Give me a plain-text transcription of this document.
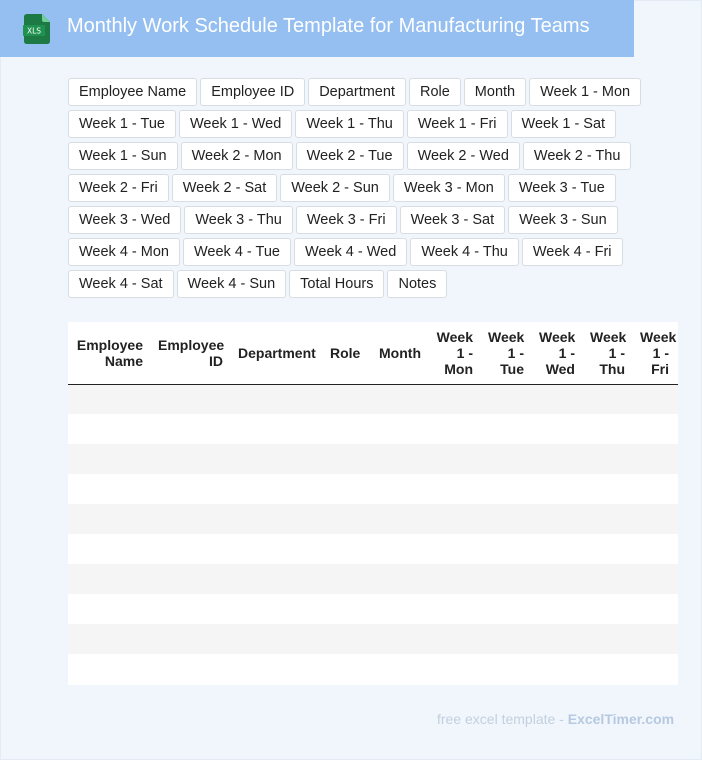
XLS Monthly Work Schedule Template for Manufacturing Teams
Employee Name	Employee ID	Department	Role	Month	Week 1 - Mon
Week 1 - Tue	Week 1 - Wed	Week 1 - Thu	Week 1 - Fri	Week 1 - Sat
Week 1 - Sun	Week 2 - Mon	Week 2 - Tue	Week 2 - Wed	Week 2 - Thu
Week 2 - Fri	Week 2 - Sat	Week 2 - Sun	Week 3 - Mon	Week 3 - Tue
Week 3 - Wed	Week 3 - Thu	Week 3 - Fri	Week 3 - Sat	Week 3 - Sun
Week 4 - Mon	Week 4 - Tue	Week 4 - Wed	Week 4 - Thu	Week 4 - Fri
Week 4 - Sat	Week 4 - Sun	Total Hours	Notes
Employee Name	Employee ID	Department	Role	Month	Week 1 - Mon	Week 1 - Tue	Week 1 - Wed	Week 1 - Thu	Week 1 - Fri

free excel template - ExcelTimer.com
